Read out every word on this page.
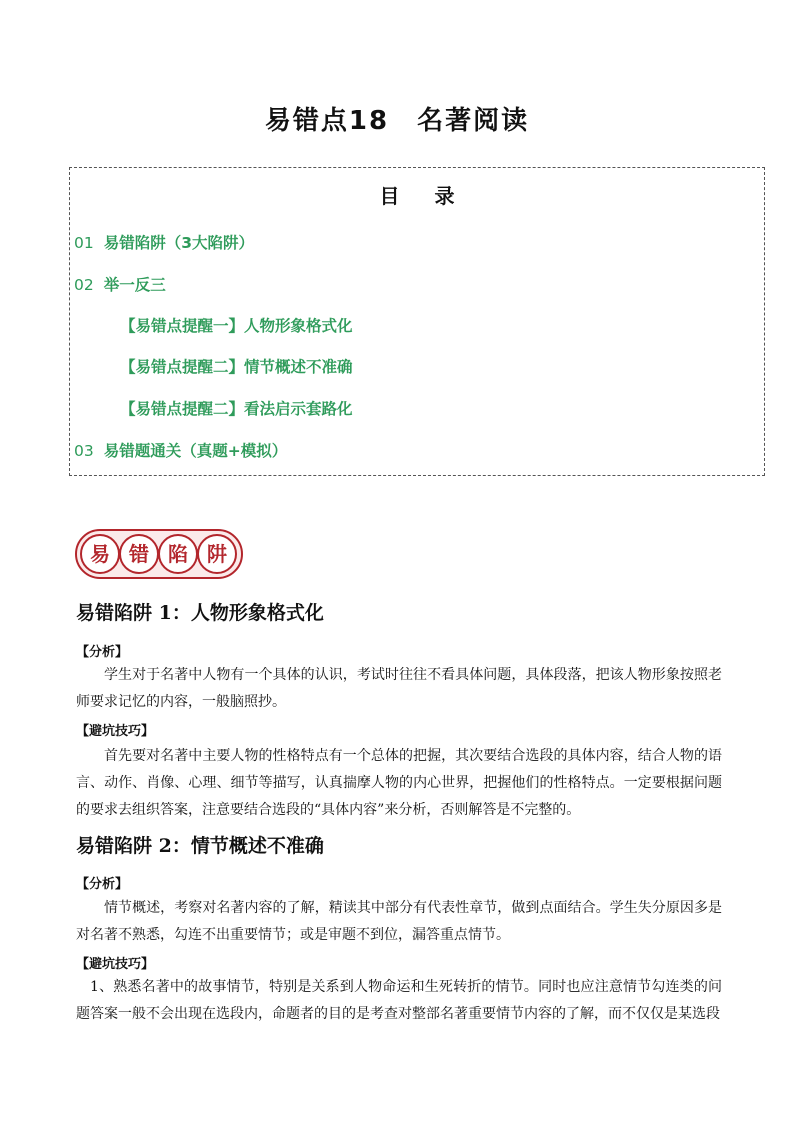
易错点18　名著阅读
目 录
01 易错陷阱（3大陷阱）
02 举一反三
【易错点提醒一】人物形象格式化
【易错点提醒二】情节概述不准确
【易错点提醒二】看法启示套路化
03 易错题通关（真题+模拟）
易 错 陷 阱
易错陷阱 1：人物形象格式化
【分析】
学生对于名著中人物有一个具体的认识，考试时往往不看具体问题，具体段落，把该人物形象按照老师要求记忆的内容，一般脑照抄。
【避坑技巧】
首先要对名著中主要人物的性格特点有一个总体的把握，其次要结合选段的具体内容，结合人物的语言、动作、肖像、心理、细节等描写，认真揣摩人物的内心世界，把握他们的性格特点。一定要根据问题的要求去组织答案，注意要结合选段的“具体内容”来分析，否则解答是不完整的。
易错陷阱 2：情节概述不准确
【分析】
情节概述，考察对名著内容的了解，精读其中部分有代表性章节，做到点面结合。学生失分原因多是对名著不熟悉，勾连不出重要情节；或是审题不到位，漏答重点情节。
【避坑技巧】
1、熟悉名著中的故事情节，特别是关系到人物命运和生死转折的情节。同时也应注意情节勾连类的问题答案一般不会出现在选段内，命题者的目的是考查对整部名著重要情节内容的了解，而不仅仅是某选段
